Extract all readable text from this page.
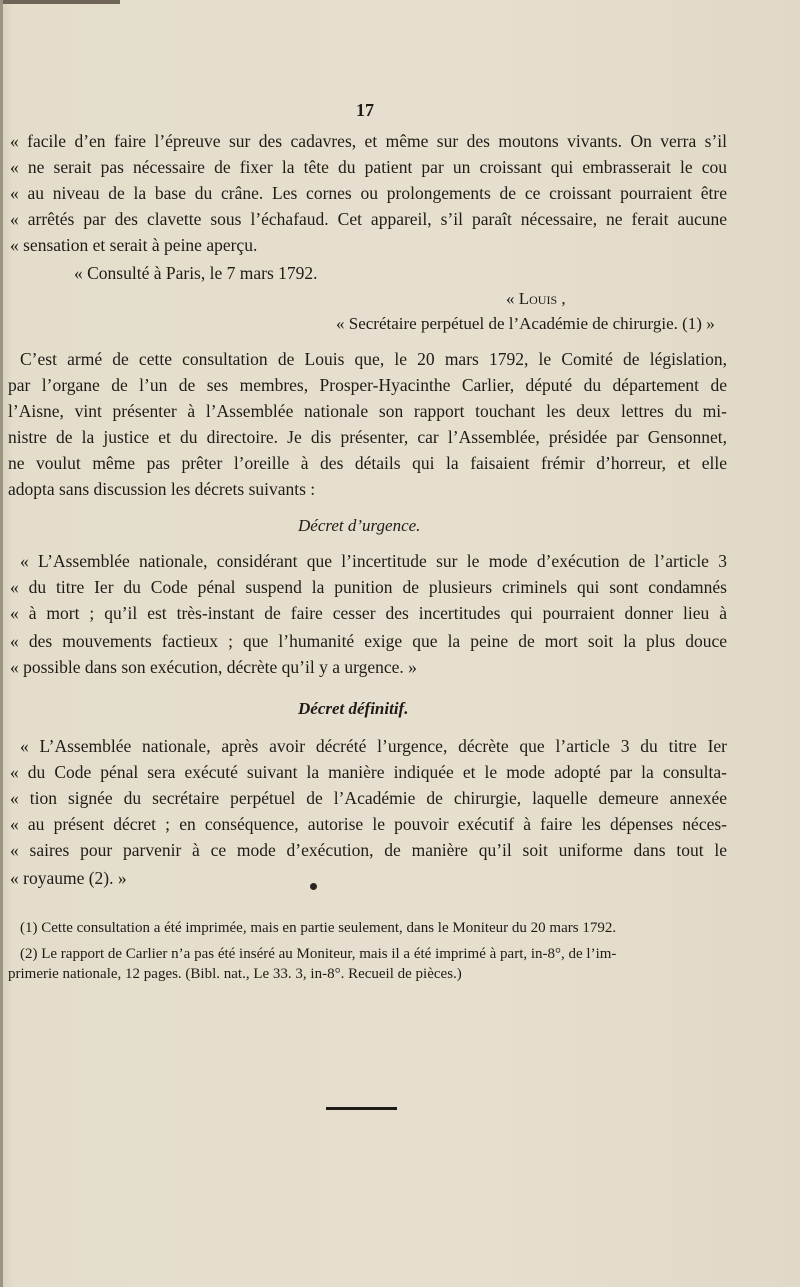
17
« facile d’en faire l’épreuve sur des cadavres, et même sur des moutons vivants. On verra s’il
« ne serait pas nécessaire de fixer la tête du patient par un croissant qui embrasserait le cou
« au niveau de la base du crâne. Les cornes ou prolongements de ce croissant pourraient être
« arrêtés par des clavette sous l’échafaud. Cet appareil, s’il paraît nécessaire, ne ferait aucune
« sensation et serait à peine aperçu.
« Consulté à Paris, le 7 mars 1792.
« Louis ,
« Secrétaire perpétuel de l’Académie de chirurgie. (1) »
C’est armé de cette consultation de Louis que, le 20 mars 1792, le Comité de législation,
par l’organe de l’un de ses membres, Prosper-Hyacinthe Carlier, député du département de
l’Aisne, vint présenter à l’Assemblée nationale son rapport touchant les deux lettres du mi-
nistre de la justice et du directoire. Je dis présenter, car l’Assemblée, présidée par Gensonnet,
ne voulut même pas prêter l’oreille à des détails qui la faisaient frémir d’horreur, et elle
adopta sans discussion les décrets suivants :
Décret d’urgence.
« L’Assemblée nationale, considérant que l’incertitude sur le mode d’exécution de l’article 3
« du titre Ier du Code pénal suspend la punition de plusieurs criminels qui sont condamnés
« à mort ; qu’il est très-instant de faire cesser des incertitudes qui pourraient donner lieu à
« des mouvements factieux ; que l’humanité exige que la peine de mort soit la plus douce
« possible dans son exécution, décrète qu’il y a urgence. »
Décret définitif.
« L’Assemblée nationale, après avoir décrété l’urgence, décrète que l’article 3 du titre Ier
« du Code pénal sera exécuté suivant la manière indiquée et le mode adopté par la consulta-
« tion signée du secrétaire perpétuel de l’Académie de chirurgie, laquelle demeure annexée
« au présent décret ; en conséquence, autorise le pouvoir exécutif à faire les dépenses néces-
« saires pour parvenir à ce mode d’exécution, de manière qu’il soit uniforme dans tout le
« royaume (2). »
(1) Cette consultation a été imprimée, mais en partie seulement, dans le Moniteur du 20 mars 1792.
(2) Le rapport de Carlier n’a pas été inséré au Moniteur, mais il a été imprimé à part, in-8°, de l’im-
primerie nationale, 12 pages. (Bibl. nat., Le 33. 3, in-8°. Recueil de pièces.)
